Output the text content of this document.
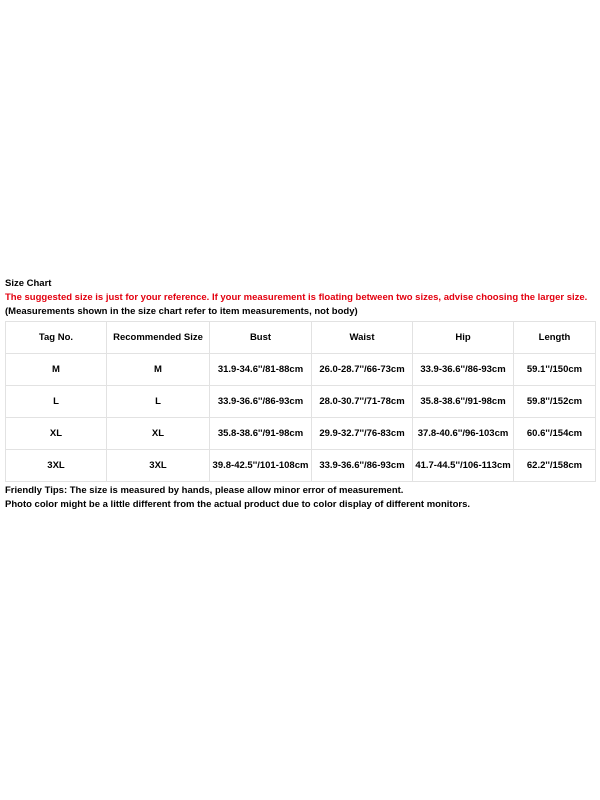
Size Chart
The suggested size is just for your reference. If your measurement is floating between two sizes, advise choosing the larger size.
(Measurements shown in the size chart refer to item measurements, not body)
Tag No.	Recommended Size	Bust	Waist	Hip	Length
M	M	31.9-34.6''/81-88cm	26.0-28.7''/66-73cm	33.9-36.6''/86-93cm	59.1''/150cm
L	L	33.9-36.6''/86-93cm	28.0-30.7''/71-78cm	35.8-38.6''/91-98cm	59.8''/152cm
XL	XL	35.8-38.6''/91-98cm	29.9-32.7''/76-83cm	37.8-40.6''/96-103cm	60.6''/154cm
3XL	3XL	39.8-42.5''/101-108cm	33.9-36.6''/86-93cm	41.7-44.5''/106-113cm	62.2''/158cm
Friendly Tips: The size is measured by hands, please allow minor error of measurement.
Photo color might be a little different from the actual product due to color display of different monitors.
